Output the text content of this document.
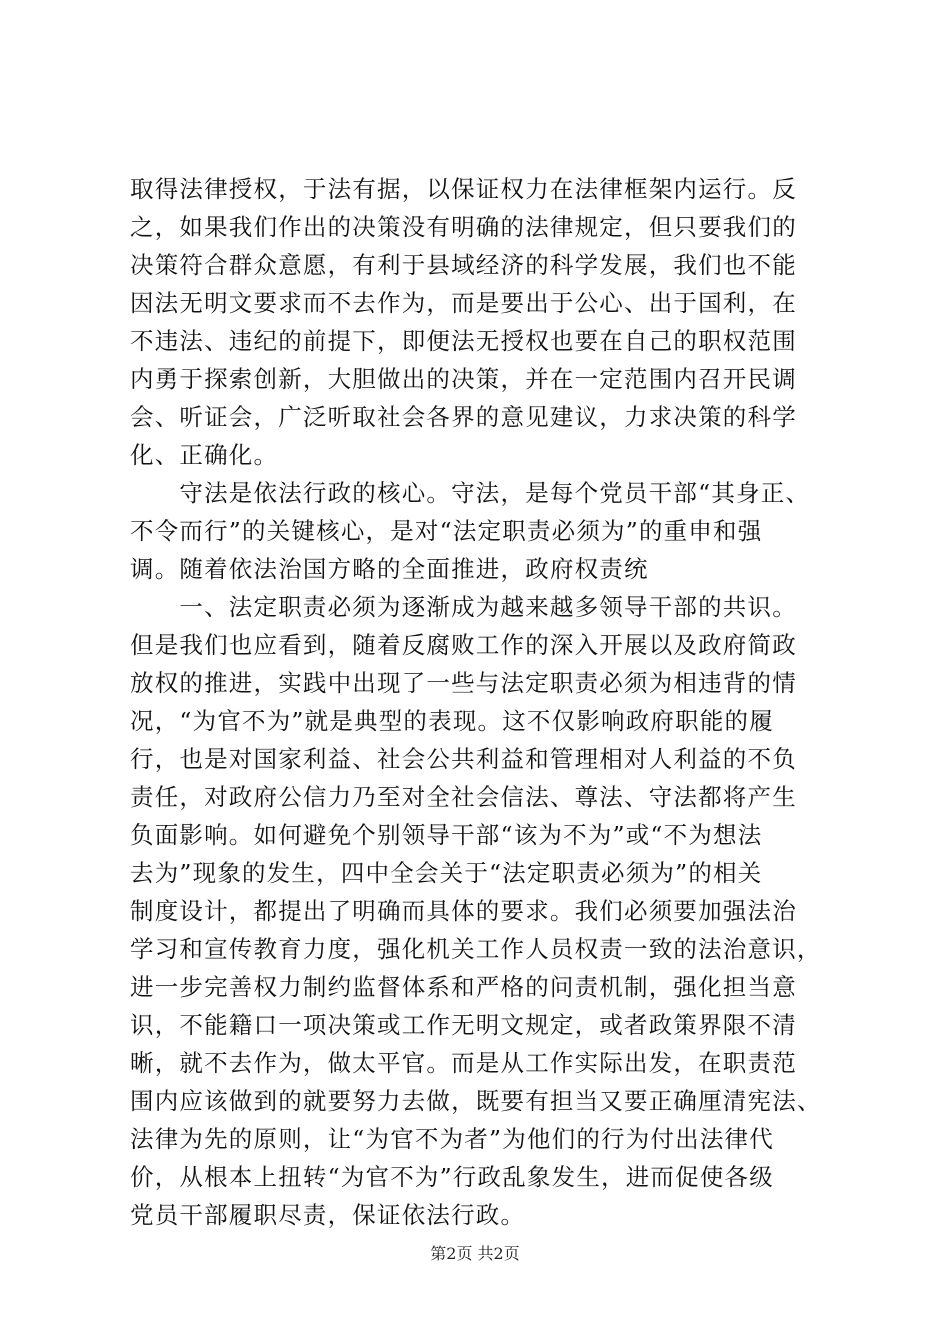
取得法律授权，于法有据，以保证权力在法律框架内运行。反
之，如果我们作出的决策没有明确的法律规定，但只要我们的
决策符合群众意愿，有利于县域经济的科学发展，我们也不能
因法无明文要求而不去作为，而是要出于公心、出于国利，在
不违法、违纪的前提下，即便法无授权也要在自己的职权范围
内勇于探索创新，大胆做出的决策，并在一定范围内召开民调
会、听证会，广泛听取社会各界的意见建议，力求决策的科学
化、正确化。
　　守法是依法行政的核心。守法，是每个党员干部“其身正、
不令而行”的关键核心，是对“法定职责必须为”的重申和强
调。随着依法治国方略的全面推进，政府权责统
　　一、法定职责必须为逐渐成为越来越多领导干部的共识。
但是我们也应看到，随着反腐败工作的深入开展以及政府简政
放权的推进，实践中出现了一些与法定职责必须为相违背的情
况，“为官不为”就是典型的表现。这不仅影响政府职能的履
行，也是对国家利益、社会公共利益和管理相对人利益的不负
责任，对政府公信力乃至对全社会信法、尊法、守法都将产生
负面影响。如何避免个别领导干部“该为不为”或“不为想法
去为”现象的发生，四中全会关于“法定职责必须为”的相关
制度设计，都提出了明确而具体的要求。我们必须要加强法治
学习和宣传教育力度，强化机关工作人员权责一致的法治意识，
进一步完善权力制约监督体系和严格的问责机制，强化担当意
识，不能籍口一项决策或工作无明文规定，或者政策界限不清
晰，就不去作为，做太平官。而是从工作实际出发，在职责范
围内应该做到的就要努力去做，既要有担当又要正确厘清宪法、
法律为先的原则，让“为官不为者”为他们的行为付出法律代
价，从根本上扭转“为官不为”行政乱象发生，进而促使各级
党员干部履职尽责，保证依法行政。
第2页 共2页
